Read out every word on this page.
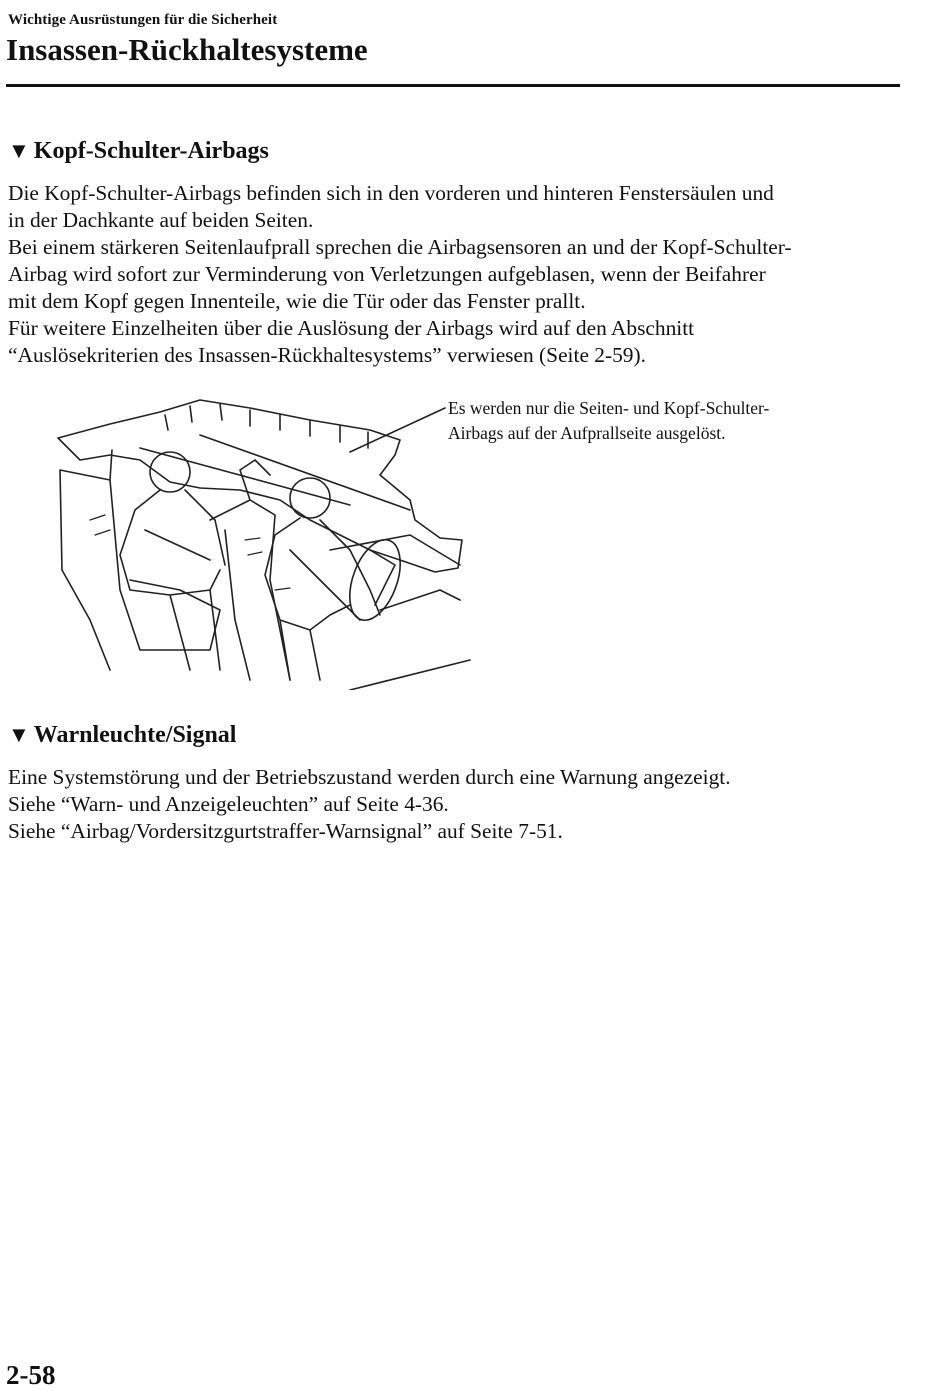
Wichtige Ausrüstungen für die Sicherheit
Insassen-Rückhaltesysteme
▼ Kopf-Schulter-Airbags

Die Kopf-Schulter-Airbags befinden sich in den vorderen und hinteren Fenstersäulen und

in der Dachkante auf beiden Seiten.

Bei einem stärkeren Seitenlaufprall sprechen die Airbagsensoren an und der Kopf-Schulter-

Airbag wird sofort zur Verminderung von Verletzungen aufgeblasen, wenn der Beifahrer

mit dem Kopf gegen Innenteile, wie die Tür oder das Fenster prallt.

Für weitere Einzelheiten über die Auslösung der Airbags wird auf den Abschnitt

“Auslösekriterien des Insassen-Rückhaltesystems” verwiesen (Seite 2-59).

Es werden nur die Seiten- und Kopf-Schulter-

Airbags auf der Aufprallseite ausgelöst.

▼ Warnleuchte/Signal

Eine Systemstörung und der Betriebszustand werden durch eine Warnung angezeigt.

Siehe “Warn- und Anzeigeleuchten” auf Seite 4-36.

Siehe “Airbag/Vordersitzgurtstraffer-Warnsignal” auf Seite 7-51.

2-58
